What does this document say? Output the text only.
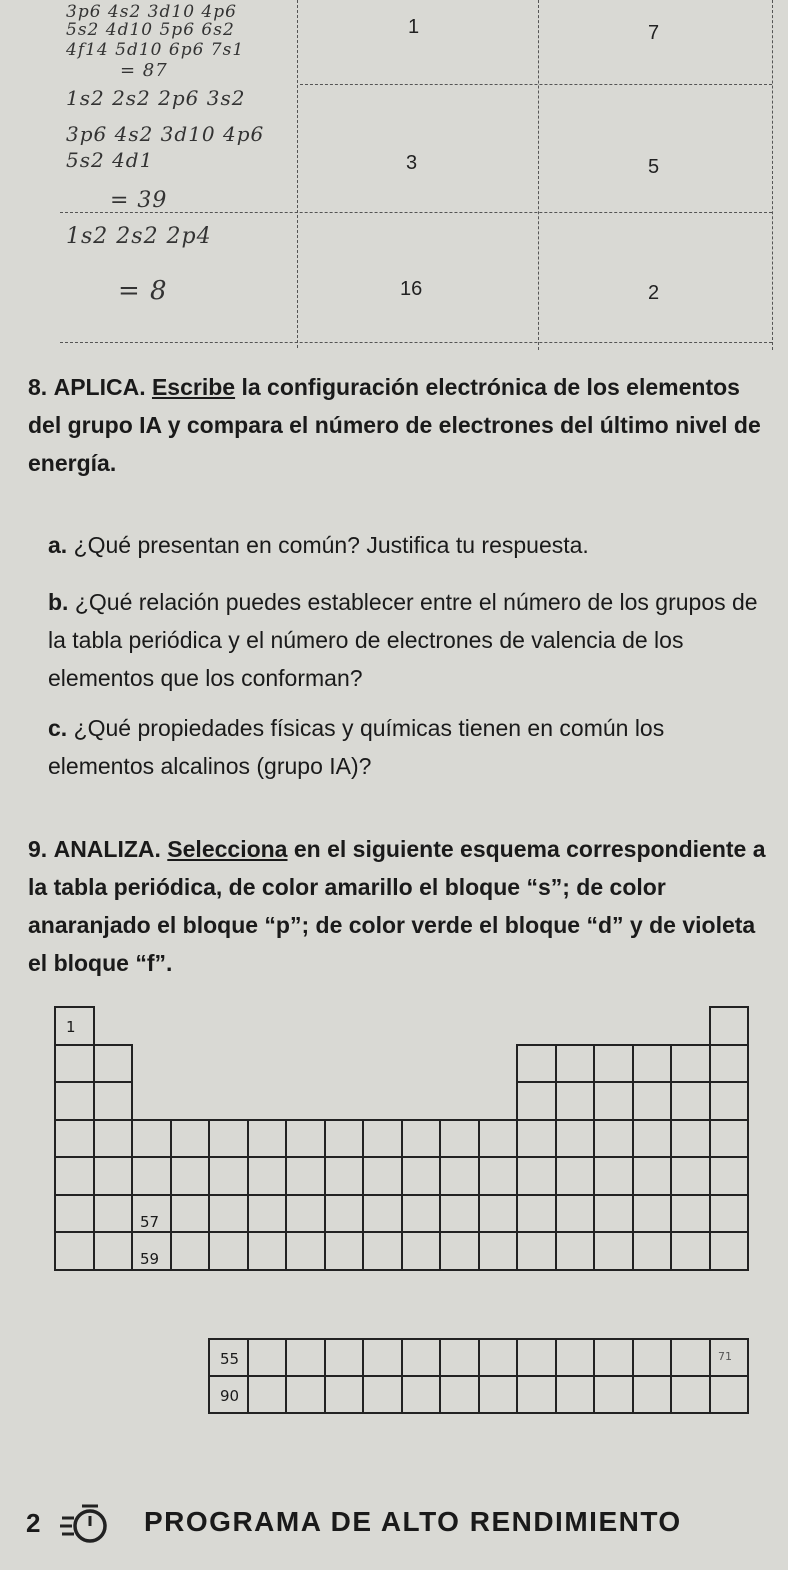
3p6 4s2 3d10 4p6
5s2 4d10 5p6 6s2
4f14 5d10 6p6 7s1
= 87
1s2 2s2 2p6 3s2
3p6 4s2 3d10 4p6
5s2 4d1
= 39
1s2 2s2 2p4
= 8
1
3
16
7
5
2
8. APLICA. Escribe la configuración electrónica de los elementos del grupo IA y compara el número de electrones del último nivel de energía.
a. ¿Qué presentan en común? Justifica tu respuesta.
b. ¿Qué relación puedes establecer entre el número de los grupos de la tabla periódica y el número de electrones de valencia de los elementos que los conforman?
c. ¿Qué propiedades físicas y químicas tienen en común los elementos alcalinos (grupo IA)?
9. ANALIZA. Selecciona en el siguiente esquema correspondiente a la tabla periódica, de color amarillo el bloque “s”; de color anaranjado el bloque “p”; de color verde el bloque “d” y de violeta el bloque “f”.
1
57
59
55
90
71
2	PROGRAMA DE ALTO RENDIMIENTO
